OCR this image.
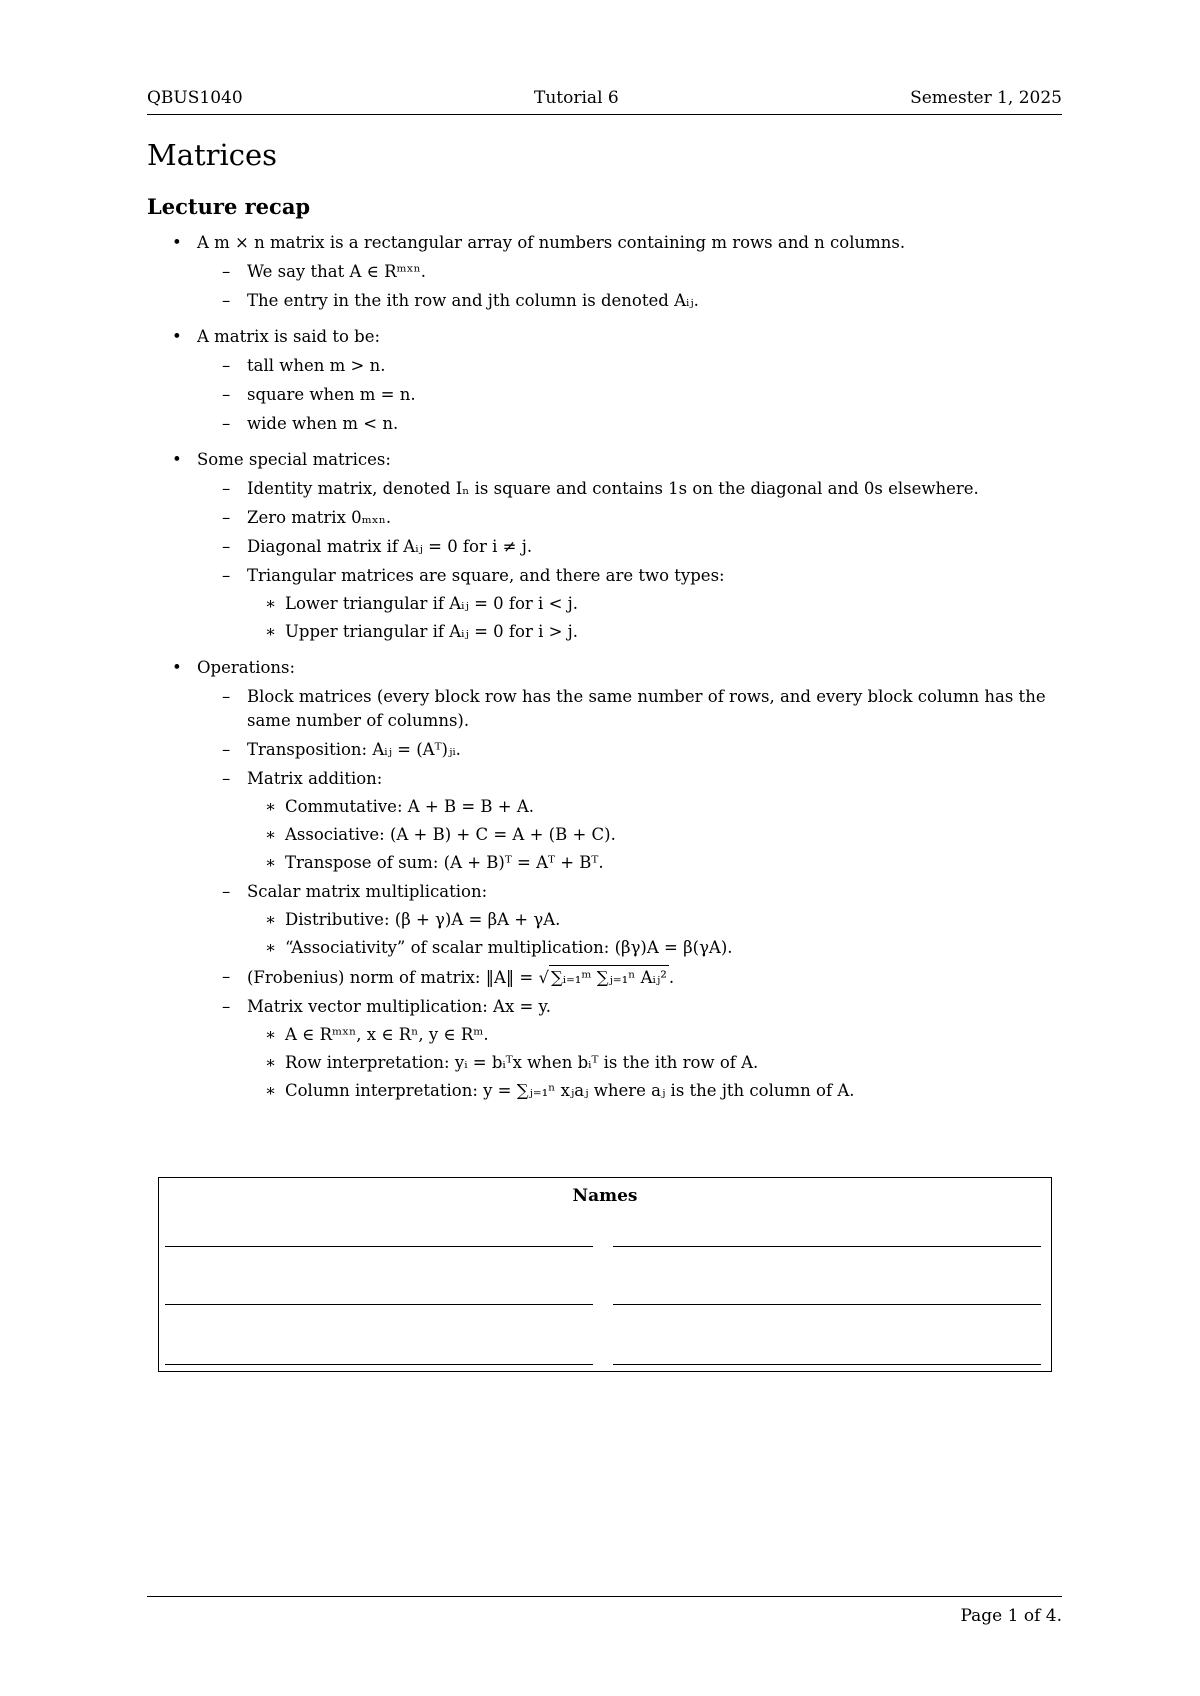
QBUS1040	Tutorial 6	Semester 1, 2025
Matrices
Lecture recap
• A m × n matrix is a rectangular array of numbers containing m rows and n columns.
– We say that A ∈ Rᵐˣⁿ.
– The entry in the ith row and jth column is denoted Aᵢⱼ.
• A matrix is said to be:
– tall when m > n.
– square when m = n.
– wide when m < n.
• Some special matrices:
– Identity matrix, denoted Iₙ is square and contains 1s on the diagonal and 0s elsewhere.
– Zero matrix 0ₘₓₙ.
– Diagonal matrix if Aᵢⱼ = 0 for i ≠ j.
– Triangular matrices are square, and there are two types:
∗ Lower triangular if Aᵢⱼ = 0 for i < j.
∗ Upper triangular if Aᵢⱼ = 0 for i > j.
• Operations:
– Block matrices (every block row has the same number of rows, and every block column has the same number of columns).
– Transposition: Aᵢⱼ = (Aᵀ)ⱼᵢ.
– Matrix addition:
∗ Commutative: A + B = B + A.
∗ Associative: (A + B) + C = A + (B + C).
∗ Transpose of sum: (A + B)ᵀ = Aᵀ + Bᵀ.
– Scalar matrix multiplication:
∗ Distributive: (β + γ)A = βA + γA.
∗ “Associativity” of scalar multiplication: (βγ)A = β(γA).
– (Frobenius) norm of matrix: ‖A‖ = √ ∑ᵢ₌₁ᵐ ∑ⱼ₌₁ⁿ Aᵢⱼ² .
– Matrix vector multiplication: Ax = y.
∗ A ∈ Rᵐˣⁿ, x ∈ Rⁿ, y ∈ Rᵐ.
∗ Row interpretation: yᵢ = bᵢᵀx when bᵢᵀ is the ith row of A.
∗ Column interpretation: y = ∑ⱼ₌₁ⁿ xⱼaⱼ where aⱼ is the jth column of A.
Names
Page 1 of 4.
